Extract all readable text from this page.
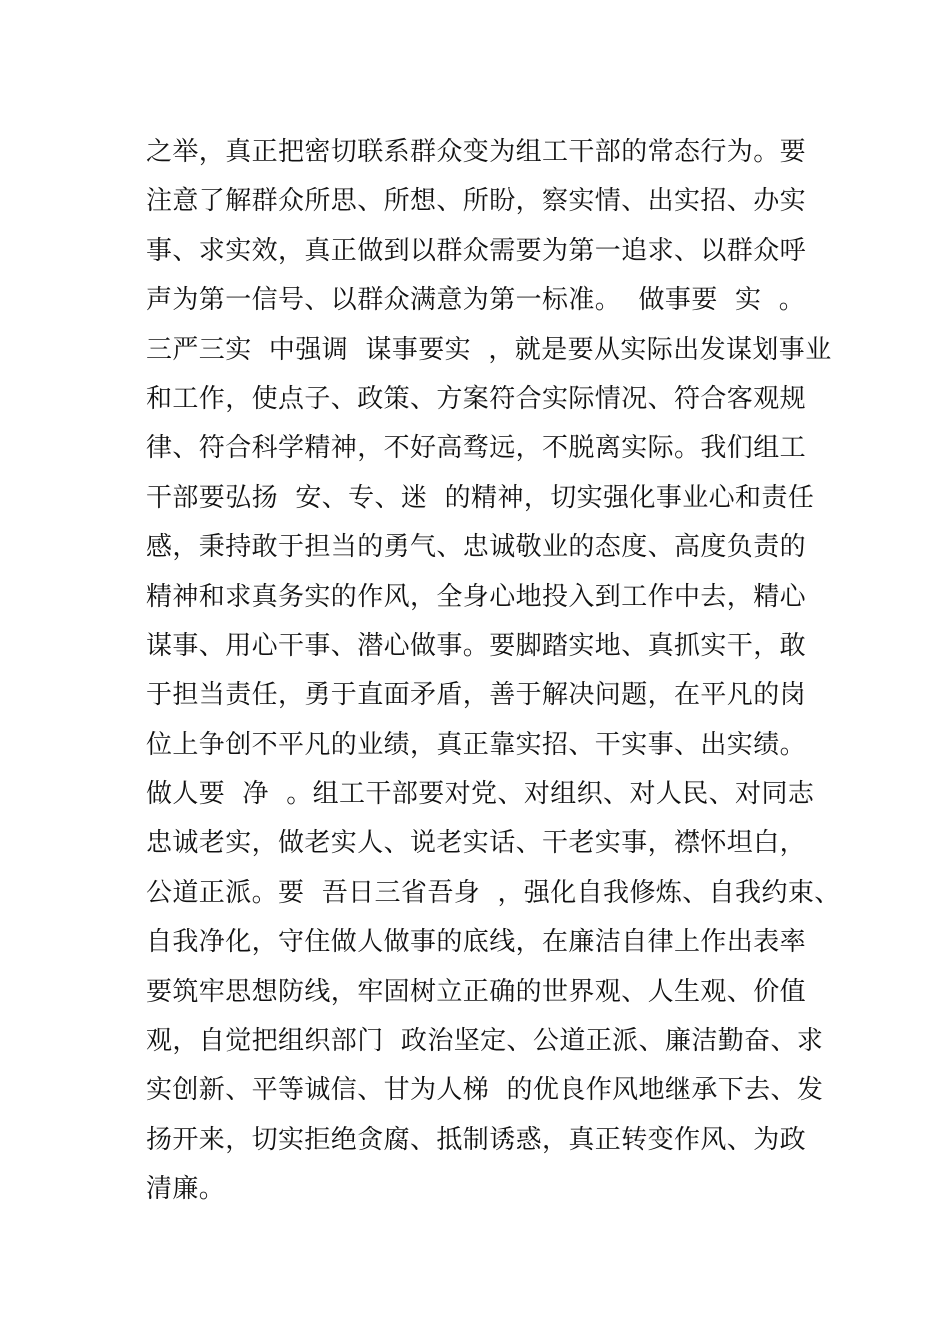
之举，真正把密切联系群众变为组工干部的常态行为。要
注意了解群众所思、所想、所盼，察实情、出实招、办实
事、求实效，真正做到以群众需要为第一追求、以群众呼
声为第一信号、以群众满意为第一标准。  做事要  实  。
三严三实  中强调  谋事要实  ，就是要从实际出发谋划事业
和工作，使点子、政策、方案符合实际情况、符合客观规
律、符合科学精神，不好高骛远，不脱离实际。我们组工
干部要弘扬  安、专、迷  的精神，切实强化事业心和责任
感，秉持敢于担当的勇气、忠诚敬业的态度、高度负责的
精神和求真务实的作风，全身心地投入到工作中去，精心
谋事、用心干事、潜心做事。要脚踏实地、真抓实干，敢
于担当责任，勇于直面矛盾，善于解决问题，在平凡的岗
位上争创不平凡的业绩，真正靠实招、干实事、出实绩。
做人要  净  。组工干部要对党、对组织、对人民、对同志
忠诚老实，做老实人、说老实话、干老实事，襟怀坦白，
公道正派。要  吾日三省吾身  ，强化自我修炼、自我约束、
自我净化，守住做人做事的底线，在廉洁自律上作出表率
要筑牢思想防线，牢固树立正确的世界观、人生观、价值
观，自觉把组织部门  政治坚定、公道正派、廉洁勤奋、求
实创新、平等诚信、甘为人梯  的优良作风地继承下去、发
扬开来，切实拒绝贪腐、抵制诱惑，真正转变作风、为政
清廉。
